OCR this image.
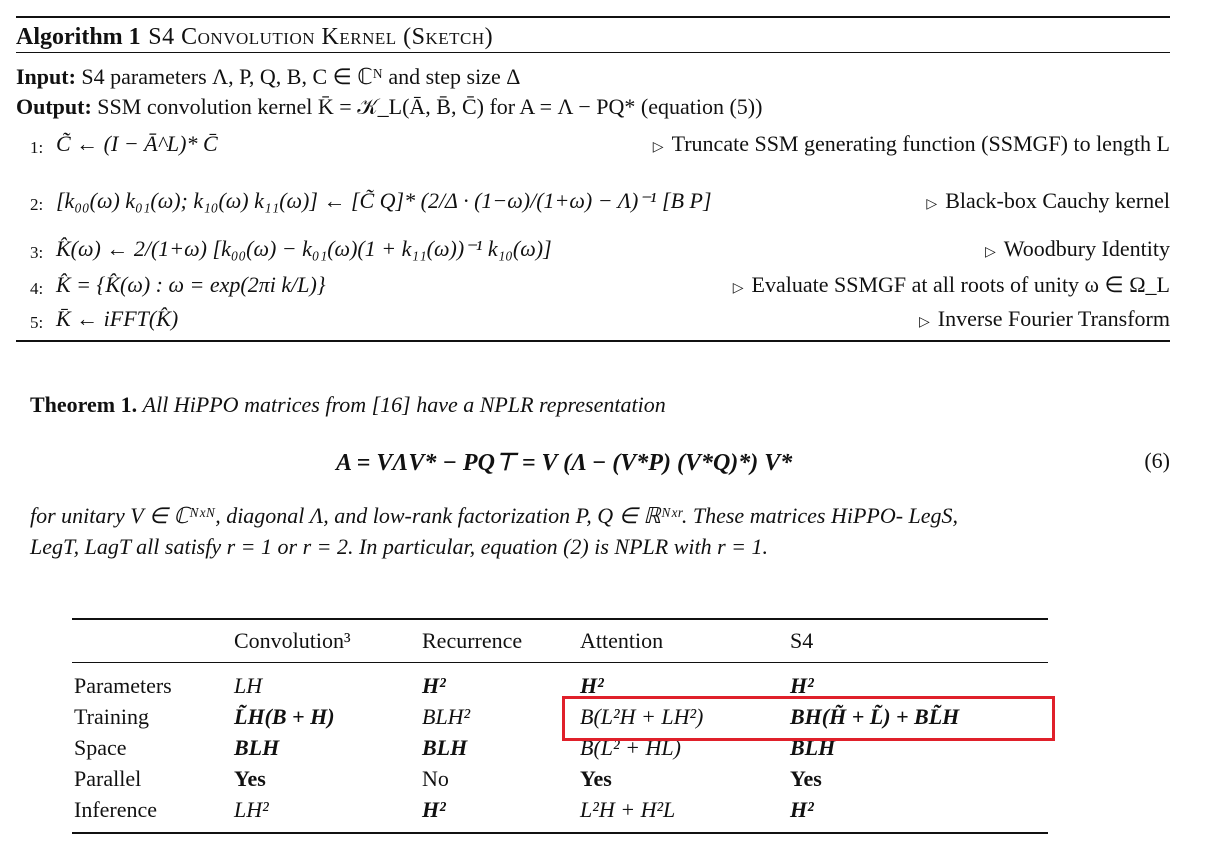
Algorithm 1 S4 Convolution Kernel (Sketch)
Input: S4 parameters Λ, P, Q, B, C ∈ ℂᴺ and step size Δ
Output: SSM convolution kernel K̄ = 𝒦_L(Ā, B̄, C̄) for A = Λ − PQ* (equation (5))
1: C̃ ← (I − Ā^L)* C̄	▷ Truncate SSM generating function (SSMGF) to length L
2: [k₀₀(ω) k₀₁(ω); k₁₀(ω) k₁₁(ω)] ← [C̃ Q]* (2/Δ · (1−ω)/(1+ω) − Λ)⁻¹ [B P]	▷ Black-box Cauchy kernel
3: K̂(ω) ← 2/(1+ω) [k₀₀(ω) − k₀₁(ω)(1 + k₁₁(ω))⁻¹ k₁₀(ω)]	▷ Woodbury Identity
4: K̂ = {K̂(ω) : ω = exp(2πi k/L)}	▷ Evaluate SSMGF at all roots of unity ω ∈ Ω_L
5: K̄ ← iFFT(K̂)	▷ Inverse Fourier Transform
Theorem 1. All HiPPO matrices from [16] have a NPLR representation
A = VΛV* − PQ⊤ = V (Λ − (V*P) (V*Q)*) V*	(6)
for unitary V ∈ ℂᴺˣᴺ, diagonal Λ, and low-rank factorization P, Q ∈ ℝᴺˣʳ. These matrices HiPPO- LegS,
LegT, LagT all satisfy r = 1 or r = 2. In particular, equation (2) is NPLR with r = 1.
Convolution³	Recurrence	Attention	S4
Parameters	LH	H²	H²	H²
Training	L̃H(B + H)	BLH²	B(L²H + LH²)	BH(H̃ + L̃) + BL̃H
Space	BLH	BLH	B(L² + HL)	BLH
Parallel	Yes	No	Yes	Yes
Inference	LH²	H²	L²H + H²L	H²
